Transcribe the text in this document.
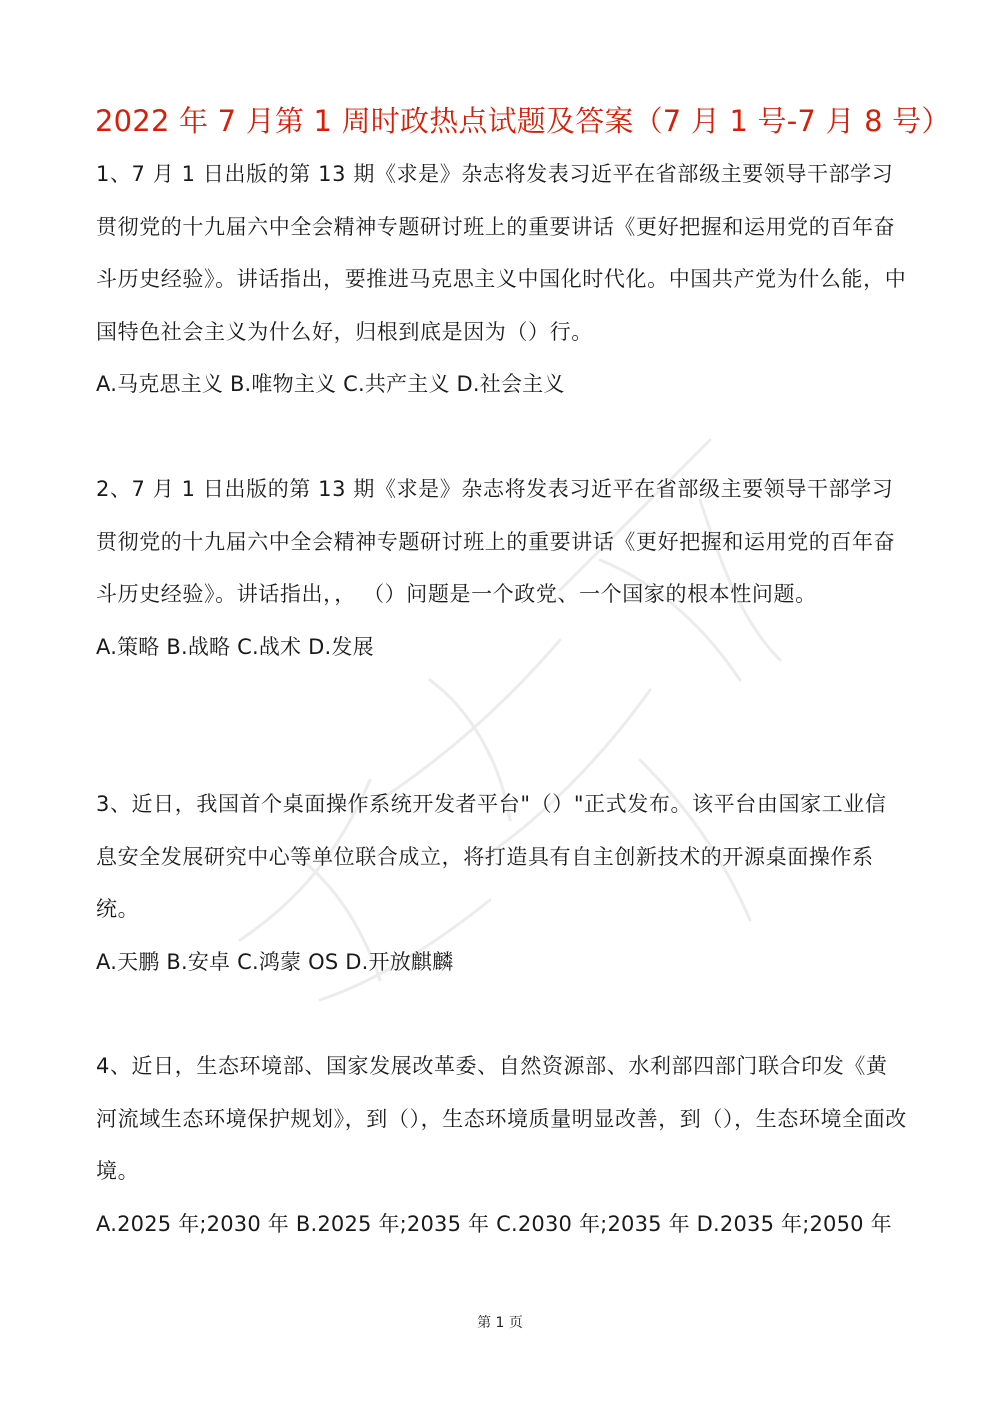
2022 年 7 月第 1 周时政热点试题及答案（7 月 1 号-7 月 8 号）

1、7 月 1 日出版的第 13 期《求是》杂志将发表习近平在省部级主要领导干部学习贯彻党的十九届六中全会精神专题研讨班上的重要讲话《更好把握和运用党的百年奋斗历史经验》。讲话指出，要推进马克思主义中国化时代化。中国共产党为什么能，中国特色社会主义为什么好，归根到底是因为（）行。

A.马克思主义 B.唯物主义 C.共产主义 D.社会主义

2、7 月 1 日出版的第 13 期《求是》杂志将发表习近平在省部级主要领导干部学习贯彻党的十九届六中全会精神专题研讨班上的重要讲话《更好把握和运用党的百年奋斗历史经验》。讲话指出，， （）问题是一个政党、一个国家的根本性问题。

A.策略 B.战略 C.战术 D.发展

3、近日，我国首个桌面操作系统开发者平台"（）"正式发布。该平台由国家工业信息安全发展研究中心等单位联合成立，将打造具有自主创新技术的开源桌面操作系统。

A.天鹏 B.安卓 C.鸿蒙 OS D.开放麒麟

4、近日，生态环境部、国家发展改革委、自然资源部、水利部四部门联合印发《黄河流域生态环境保护规划》，到（），生态环境质量明显改善，到（），生态环境全面改境。

A.2025 年;2030 年 B.2025 年;2035 年 C.2030 年;2035 年 D.2035 年;2050 年

第 1 页
